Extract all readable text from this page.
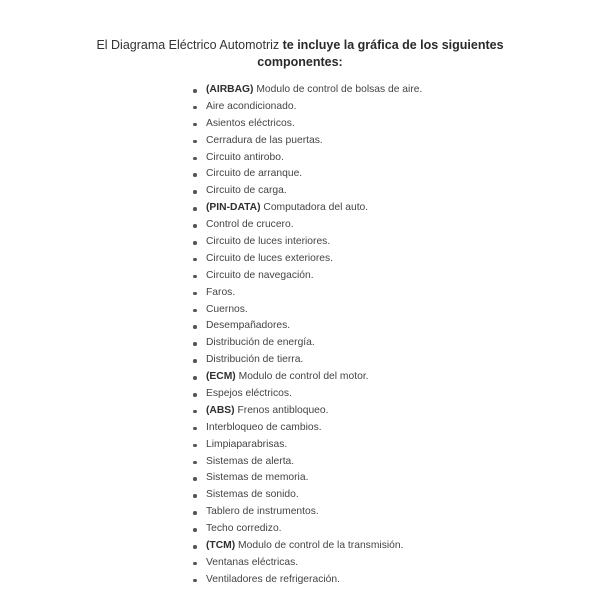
El Diagrama Eléctrico Automotriz te incluye la gráfica de los siguientes
componentes:
(AIRBAG) Modulo de control de bolsas de aire.
Aire acondicionado.
Asientos eléctricos.
Cerradura de las puertas.
Circuito antirobo.
Circuito de arranque.
Circuito de carga.
(PIN-DATA) Computadora del auto.
Control de crucero.
Circuito de luces interiores.
Circuito de luces exteriores.
Circuito de navegación.
Faros.
Cuernos.
Desempañadores.
Distribución de energía.
Distribución de tierra.
(ECM) Modulo de control del motor.
Espejos eléctricos.
(ABS) Frenos antibloqueo.
Interbloqueo de cambios.
Limpiaparabrisas.
Sistemas de alerta.
Sistemas de memoria.
Sistemas de sonido.
Tablero de instrumentos.
Techo corredizo.
(TCM) Modulo de control de la transmisión.
Ventanas eléctricas.
Ventiladores de refrigeración.
